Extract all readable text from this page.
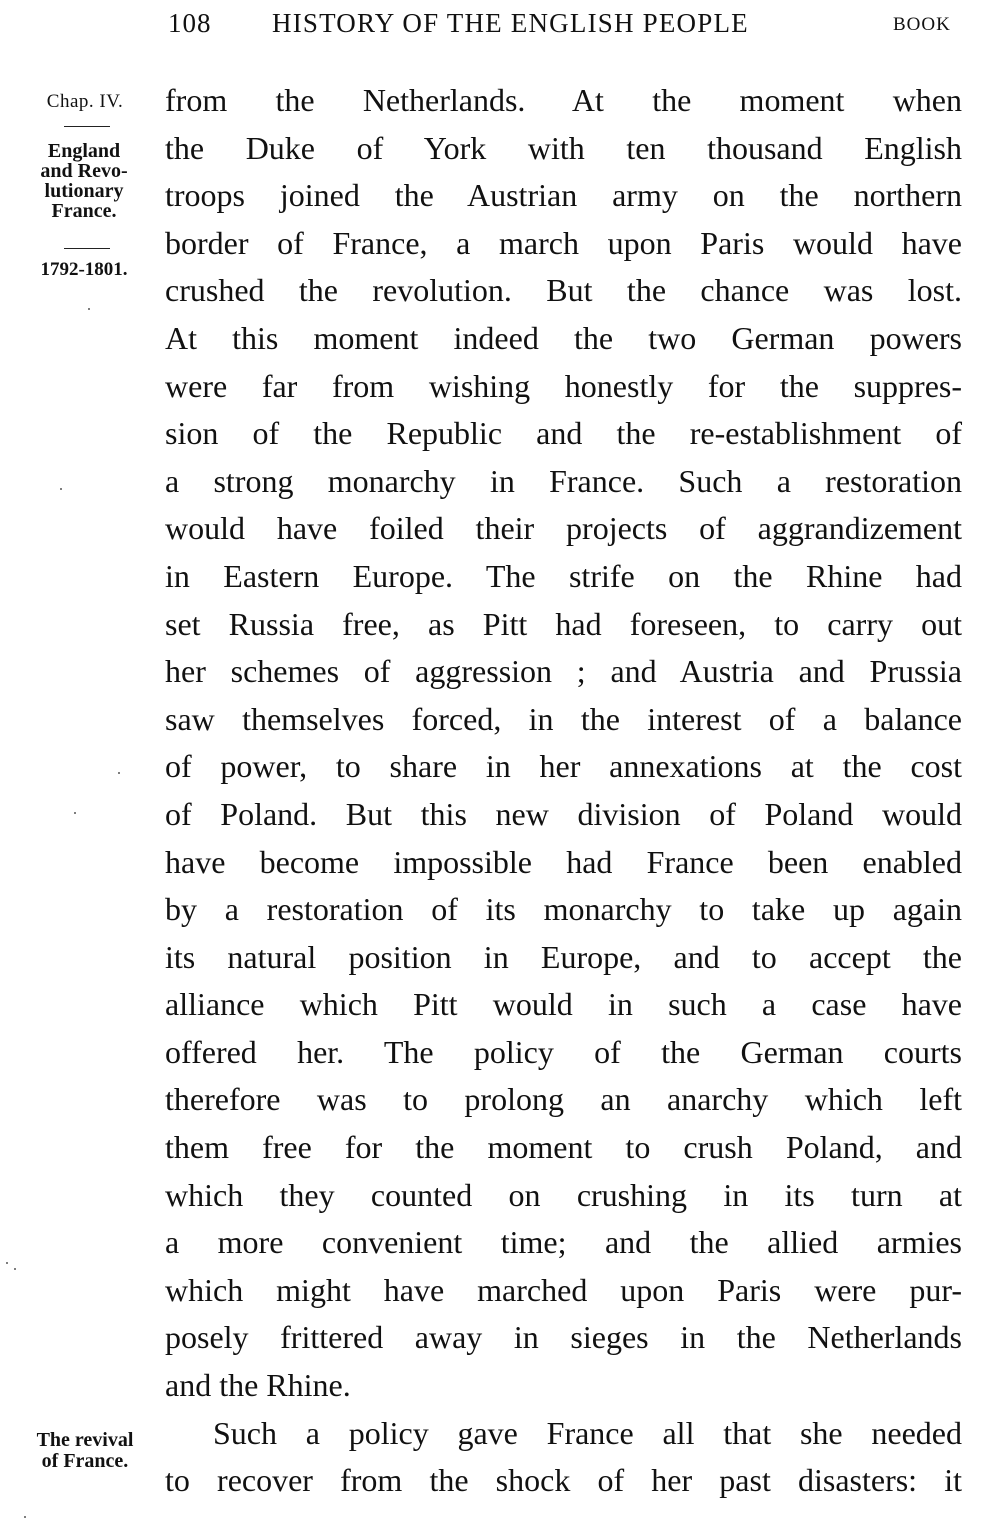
108 HISTORY OF THE ENGLISH PEOPLE	BOOK
Chap. IV.
England
and Revo-
lutionary
France.
1792-1801.
The revival
of France.
from the Netherlands. At the moment when
the Duke of York with ten thousand English
troops joined the Austrian army on the northern
border of France, a march upon Paris would have
crushed the revolution. But the chance was lost.
At this moment indeed the two German powers
were far from wishing honestly for the suppres-
sion of the Republic and the re-establishment of
a strong monarchy in France. Such a restoration
would have foiled their projects of aggrandizement
in Eastern Europe. The strife on the Rhine had
set Russia free, as Pitt had foreseen, to carry out
her schemes of aggression ; and Austria and Prussia
saw themselves forced, in the interest of a balance
of power, to share in her annexations at the cost
of Poland. But this new division of Poland would
have become impossible had France been enabled
by a restoration of its monarchy to take up again
its natural position in Europe, and to accept the
alliance which Pitt would in such a case have
offered her. The policy of the German courts
therefore was to prolong an anarchy which left
them free for the moment to crush Poland, and
which they counted on crushing in its turn at
a more convenient time; and the allied armies
which might have marched upon Paris were pur-
posely frittered away in sieges in the Netherlands
and the Rhine.
Such a policy gave France all that she needed
to recover from the shock of her past disasters: it
